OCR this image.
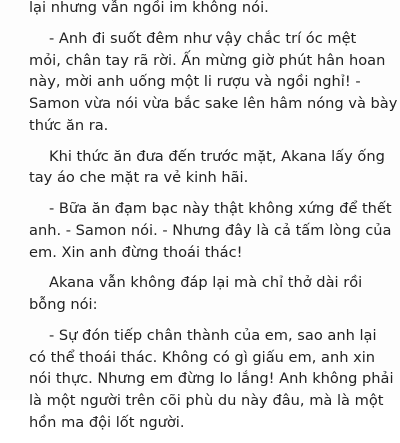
lại nhưng vẫn ngồi im không nói.

- Anh đi suốt đêm như vậy chắc trí óc mệt
mỏi, chân tay rã rời. Ấn mừng giờ phút hân hoan
này, mời anh uống một li rượu và ngồi nghỉ! -
Samon vừa nói vừa bắc sake lên hâm nóng và bày
thức ăn ra.

Khi thức ăn đưa đến trước mặt, Akana lấy ống
tay áo che mặt ra vẻ kinh hãi.

- Bữa ăn đạm bạc này thật không xứng để thết
anh. - Samon nói. - Nhưng đây là cả tấm lòng của
em. Xin anh đừng thoái thác!

Akana vẫn không đáp lại mà chỉ thở dài rồi
bỗng nói:

- Sự đón tiếp chân thành của em, sao anh lại
có thể thoái thác. Không có gì giấu em, anh xin
nói thực. Nhưng em đừng lo lắng! Anh không phải
là một người trên cõi phù du này đâu, mà là một
hồn ma đội lốt người.
